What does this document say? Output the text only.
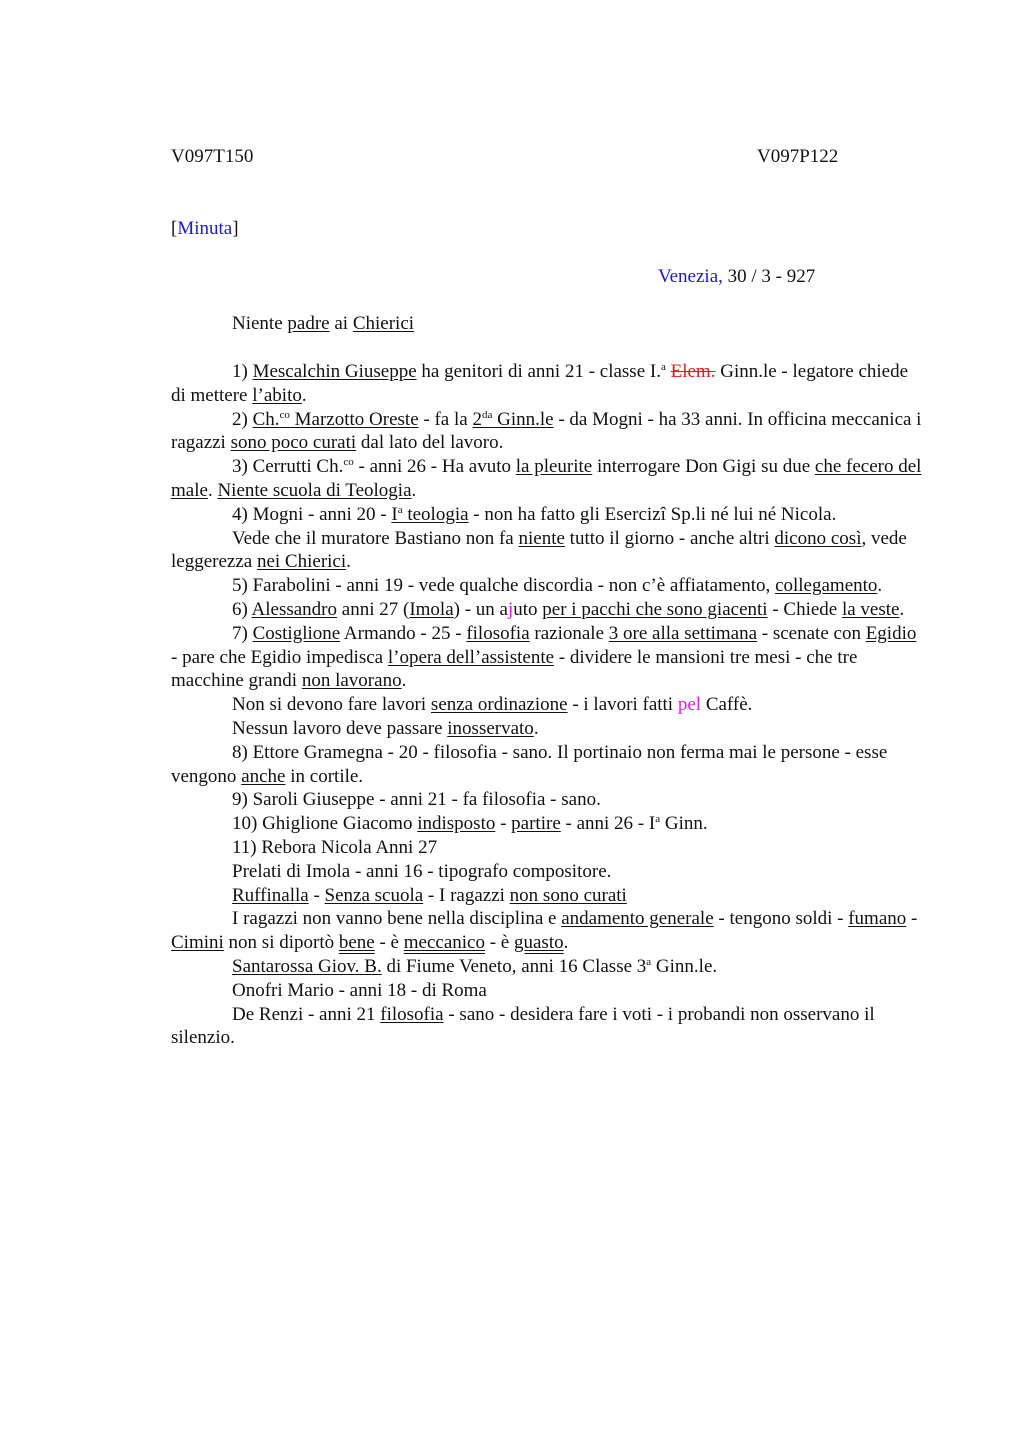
V097T150	V097P122
[Minuta]
Venezia, 30 / 3 - 927
Niente padre ai Chierici

1) Mescalchin Giuseppe ha genitori di anni 21 - classe I.$^a$ Elem. Ginn.le - legatore chiede di mettere l’abito.

2) Ch.$^{co}$ Marzotto Oreste - fa la $2^{da}$ Ginn.le - da Mogni - ha 33 anni. In officina meccanica i ragazzi sono poco curati dal lato del lavoro.

3) Cerrutti Ch.$^{co}$ - anni 26 - Ha avuto la pleurite interrogare Don Gigi su due che fecero del male. Niente scuola di Teologia.

4) Mogni - anni $20 - I^a$ teologia - non ha fatto gli Esercizi Sp.li né lui né Nicola.

Vede che il muratore Bastiano non fa niente tutto il giorno - anche altri dicono così, vede leggerezza nei Chierici.

5) Farabolini - anni 19 - vede qualche discordia - non c’è affiatamento, collegamento.

6) Alessandro anni 27 (Imola) - un ajuto per i pacchi che sono giacenti - Chiede la veste.

7) Costiglione Armando - 25 - filosofia razionale 3 ore alla settimana - scenate con Egidio - pare che Egidio impedisca l’opera dell’assistente - dividere le mansioni tre mesi - che tre macchine grandi non lavorano.

Non si devono fare lavori senza ordinazione - i lavori fatti pel Caffè.

Nessun lavoro deve passare inosservato.

8) Ettore Gramegna - 20 - filosofia - sano. Il portinaio non ferma mai le persone - esse vengono anche in cortile.

9) Saroli Giuseppe - anni 21 - fa filosofia - sano.

10) Ghiglione Giacomo indisposto - partire - anni $26 - I^a$ Ginn.

11) Rebora Nicola Anni 27

Prelati di Imola - anni 16 - tipografo compositore.

Ruffinalla - Senza scuola - I ragazzi non sono curati

I ragazzi non vanno bene nella disciplina e andamento generale - tengono soldi - fumano - Cimini non si diportò bene - è meccanico - è guasto.

Santarossa Giov. B. di Fiume Veneto, anni 16 Classe 3$^a$ Ginn.le.

Onofri Mario - anni 18 - di Roma

De Renzi - anni 21 filosofia - sano - desidera fare i voti - i probandi non osservano il silenzio.
